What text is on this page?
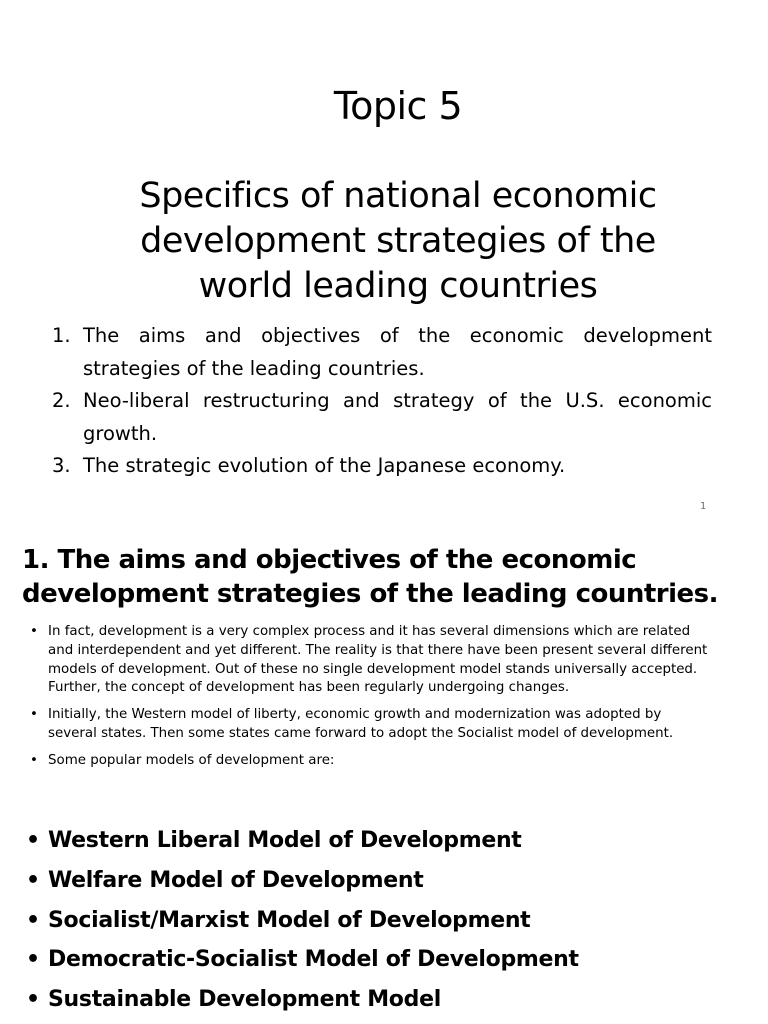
Topic 5
Specifics of national economic
development strategies of the
world leading countries
1. The aims and objectives of the economic development strategies of the leading countries.
2. Neo-liberal restructuring and strategy of the U.S. economic growth.
3. The strategic evolution of the Japanese economy.
1
1. The aims and objectives of the economic
development strategies of the leading countries.
• In fact, development is a very complex process and it has several dimensions which are related and interdependent and yet different. The reality is that there have been present several different models of development. Out of these no single development model stands universally accepted. Further, the concept of development has been regularly undergoing changes.
• Initially, the Western model of liberty, economic growth and modernization was adopted by several states. Then some states came forward to adopt the Socialist model of development.
• Some popular models of development are:
• Western Liberal Model of Development
• Welfare Model of Development
• Socialist/Marxist Model of Development
• Democratic-Socialist Model of Development
• Sustainable Development Model
